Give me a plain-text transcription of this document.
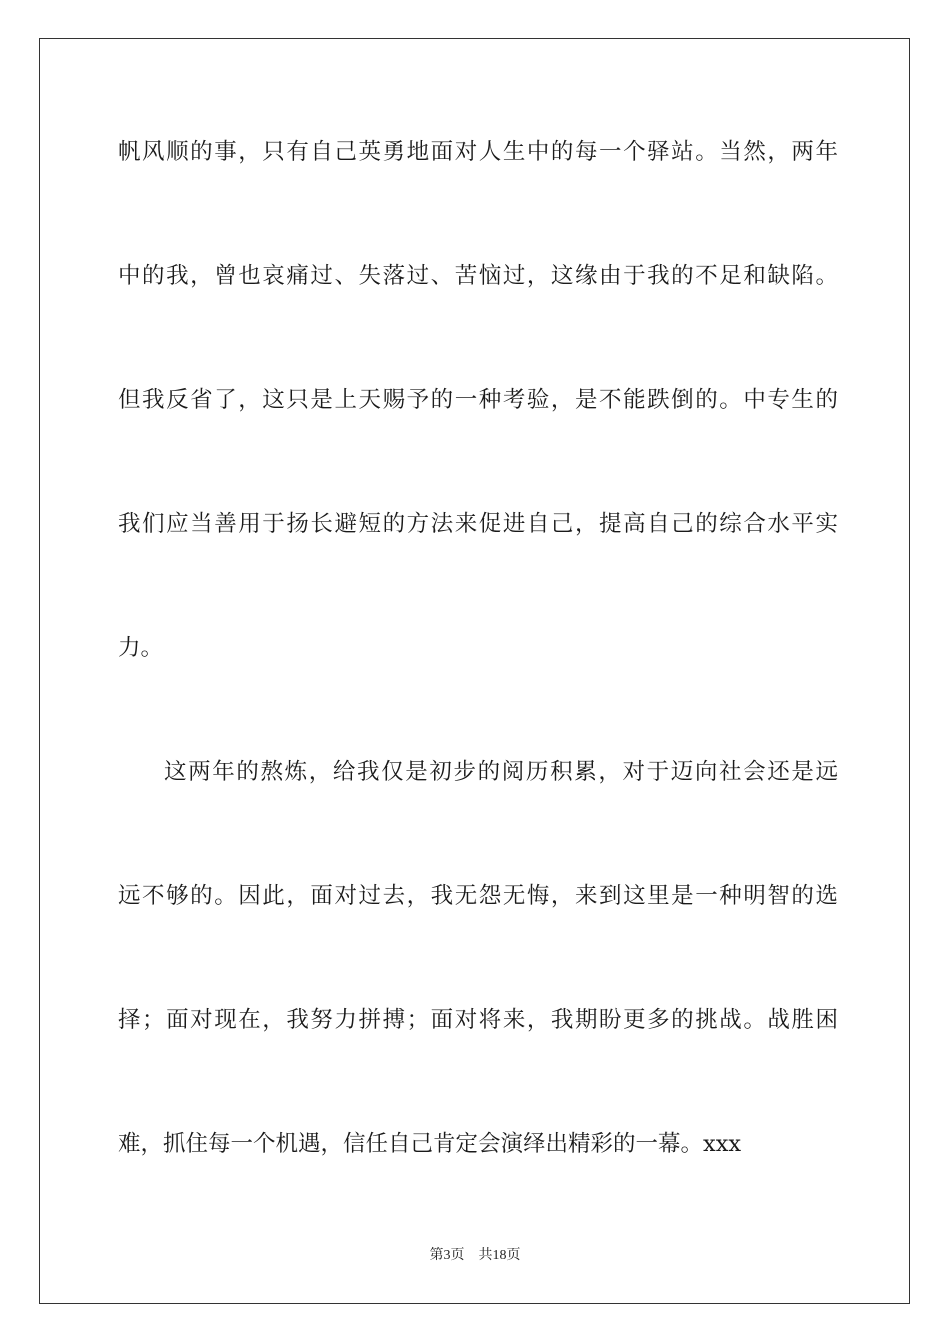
帆风顺的事，只有自己英勇地面对人生中的每一个驿站。当然，两年
中的我，曾也哀痛过、失落过、苦恼过，这缘由于我的不足和缺陷。
但我反省了，这只是上天赐予的一种考验，是不能跌倒的。中专生的
我们应当善用于扬长避短的方法来促进自己，提高自己的综合水平实
力。
这两年的熬炼，给我仅是初步的阅历积累，对于迈向社会还是远
远不够的。因此，面对过去，我无怨无悔，来到这里是一种明智的选
择；面对现在，我努力拼搏；面对将来，我期盼更多的挑战。战胜困
难，抓住每一个机遇，信任自己肯定会演绎出精彩的一幕。xxx
第3页 共18页
